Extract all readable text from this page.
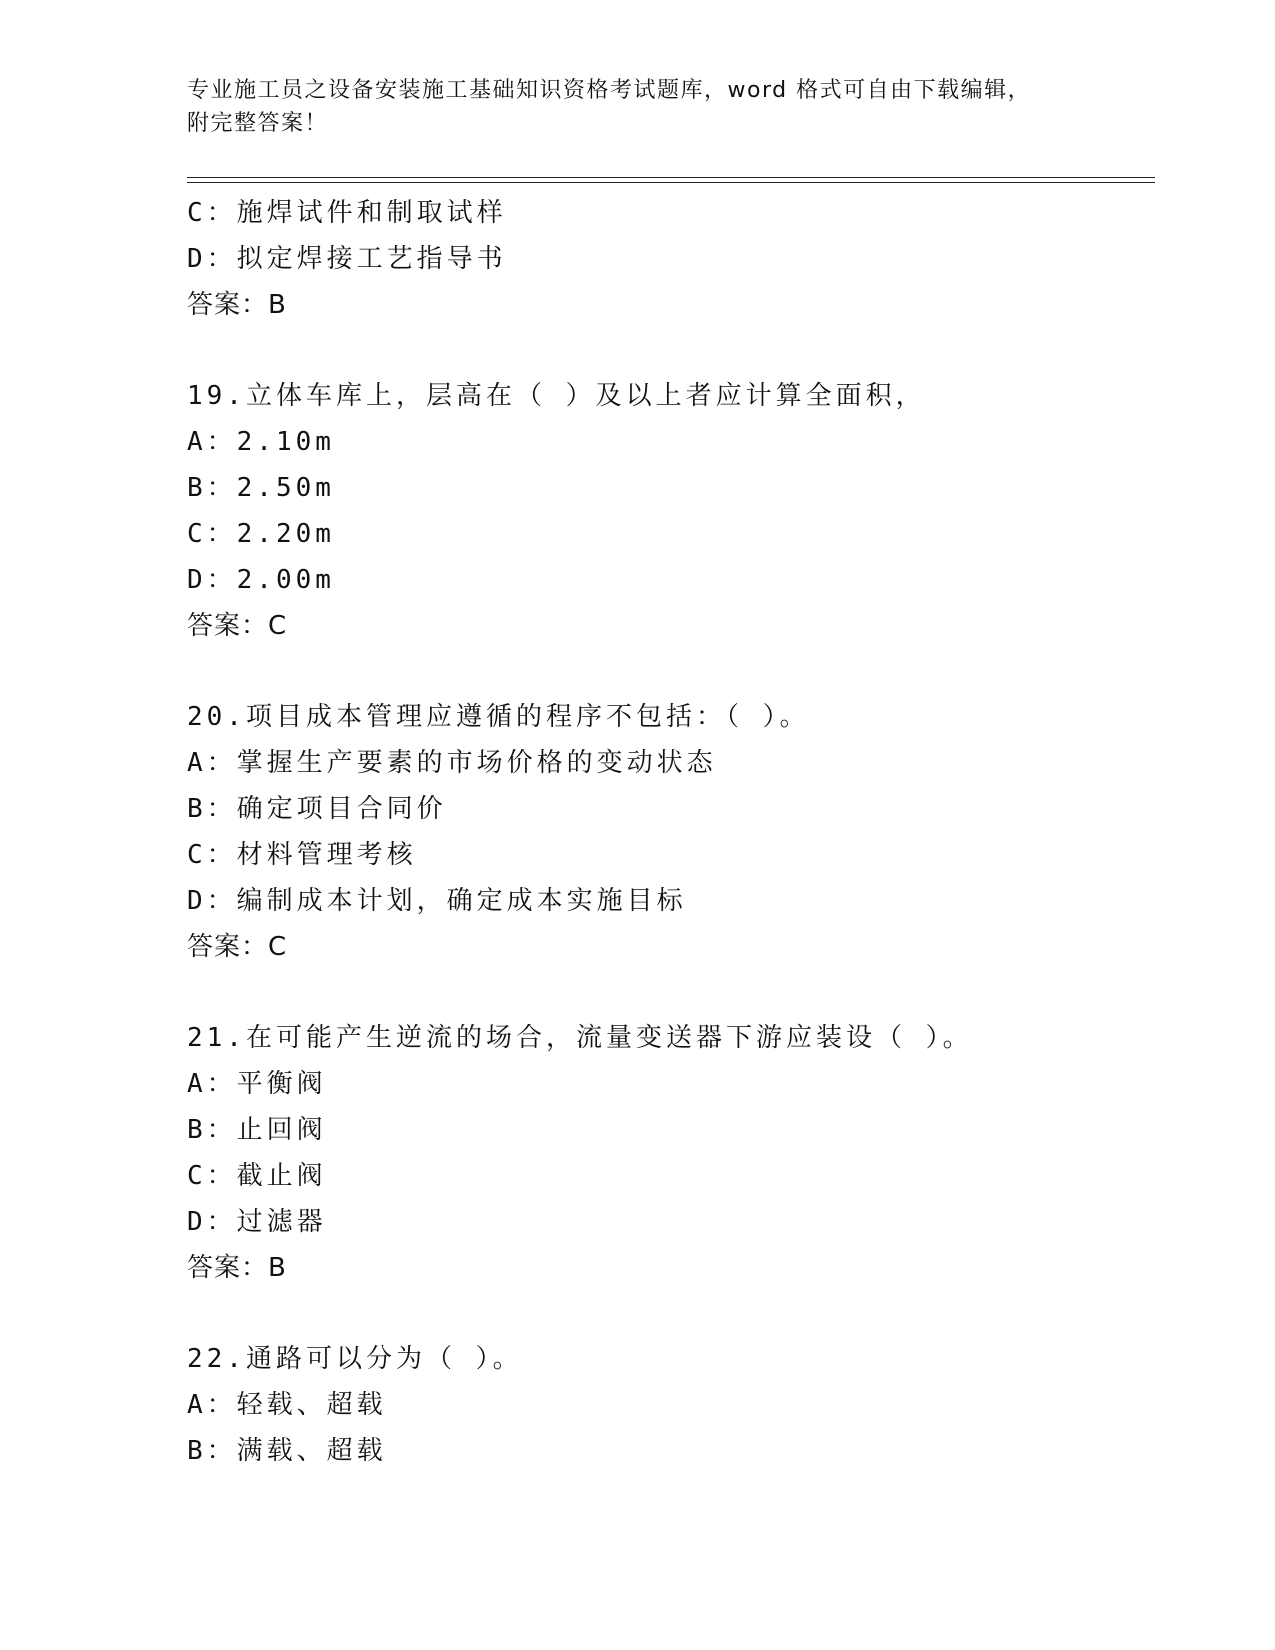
专业施工员之设备安装施工基础知识资格考试题库，word 格式可自由下载编辑，
附完整答案！
C：施焊试件和制取试样
D：拟定焊接工艺指导书
答案：B
19.立体车库上，层高在（ ）及以上者应计算全面积，
A：2.10m
B：2.50m
C：2.20m
D：2.00m
答案：C
20.项目成本管理应遵循的程序不包括：（ ）。
A：掌握生产要素的市场价格的变动状态
B：确定项目合同价
C：材料管理考核
D：编制成本计划，确定成本实施目标
答案：C
21.在可能产生逆流的场合，流量变送器下游应装设（ ）。
A：平衡阀
B：止回阀
C：截止阀
D：过滤器
答案：B
22.通路可以分为（ ）。
A：轻载、超载
B：满载、超载
